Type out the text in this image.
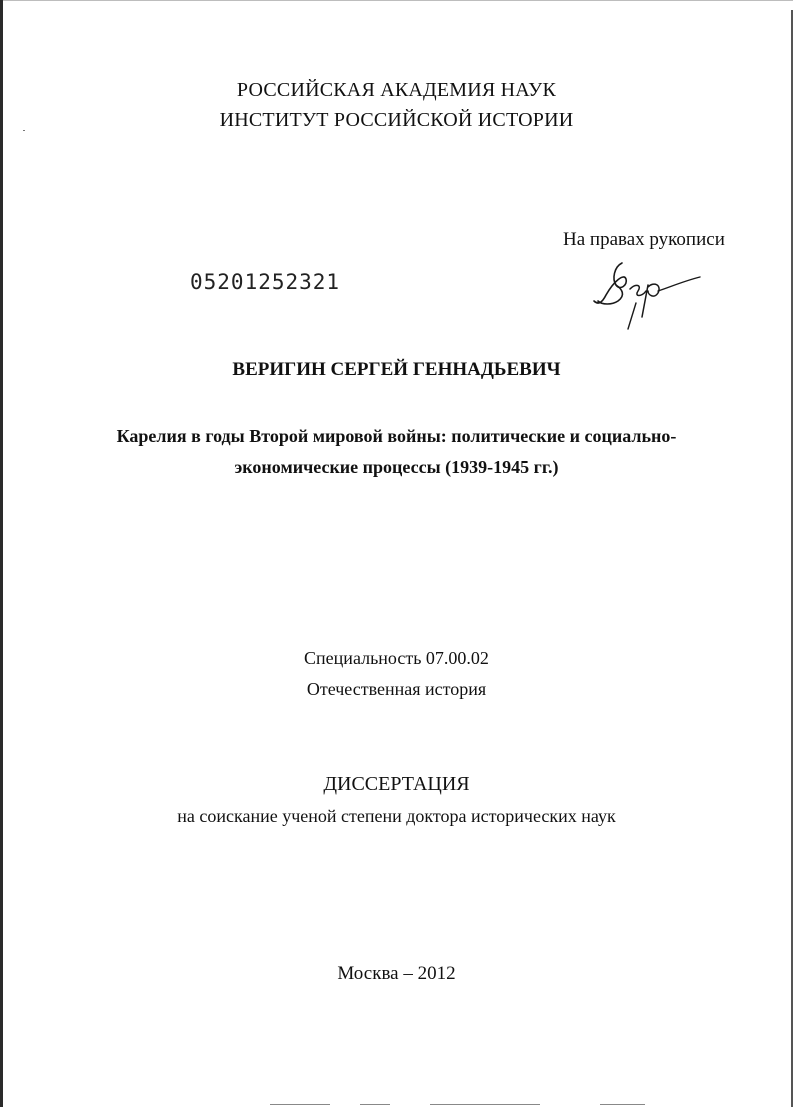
РОССИЙСКАЯ АКАДЕМИЯ НАУК
ИНСТИТУТ РОССИЙСКОЙ ИСТОРИИ
На правах рукописи
05201252321
ВЕРИГИН СЕРГЕЙ ГЕННАДЬЕВИЧ
Карелия в годы Второй мировой войны: политические и социально-
экономические процессы (1939-1945 гг.)
Специальность 07.00.02
Отечественная история
ДИССЕРТАЦИЯ
на соискание ученой степени доктора исторических наук
Москва – 2012
